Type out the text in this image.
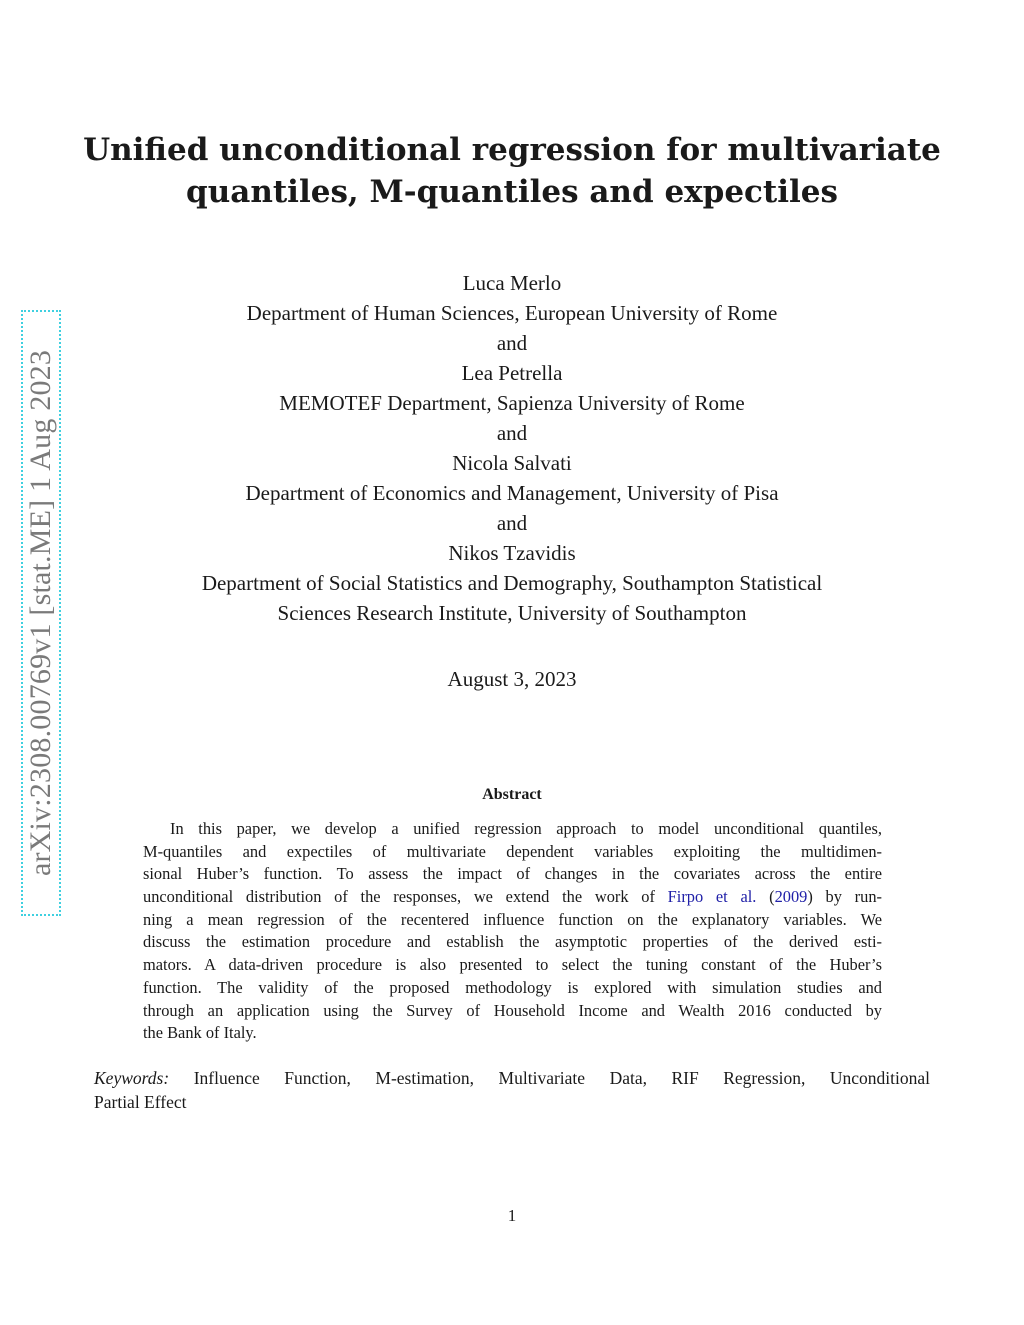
Unified unconditional regression for multivariate
quantiles, M-quantiles and expectiles
Luca Merlo
Department of Human Sciences, European University of Rome
and
Lea Petrella
MEMOTEF Department, Sapienza University of Rome
and
Nicola Salvati
Department of Economics and Management, University of Pisa
and
Nikos Tzavidis
Department of Social Statistics and Demography, Southampton Statistical
Sciences Research Institute, University of Southampton
August 3, 2023
Abstract
In this paper, we develop a unified regression approach to model unconditional quantiles,
M-quantiles and expectiles of multivariate dependent variables exploiting the multidimen-
sional Huber’s function. To assess the impact of changes in the covariates across the entire
unconditional distribution of the responses, we extend the work of Firpo et al. (2009) by run-
ning a mean regression of the recentered influence function on the explanatory variables. We
discuss the estimation procedure and establish the asymptotic properties of the derived esti-
mators. A data-driven procedure is also presented to select the tuning constant of the Huber’s
function. The validity of the proposed methodology is explored with simulation studies and
through an application using the Survey of Household Income and Wealth 2016 conducted by
the Bank of Italy.
Keywords: Influence Function, M-estimation, Multivariate Data, RIF Regression, Unconditional
Partial Effect
1
arXiv:2308.00769v1 [stat.ME] 1 Aug 2023
